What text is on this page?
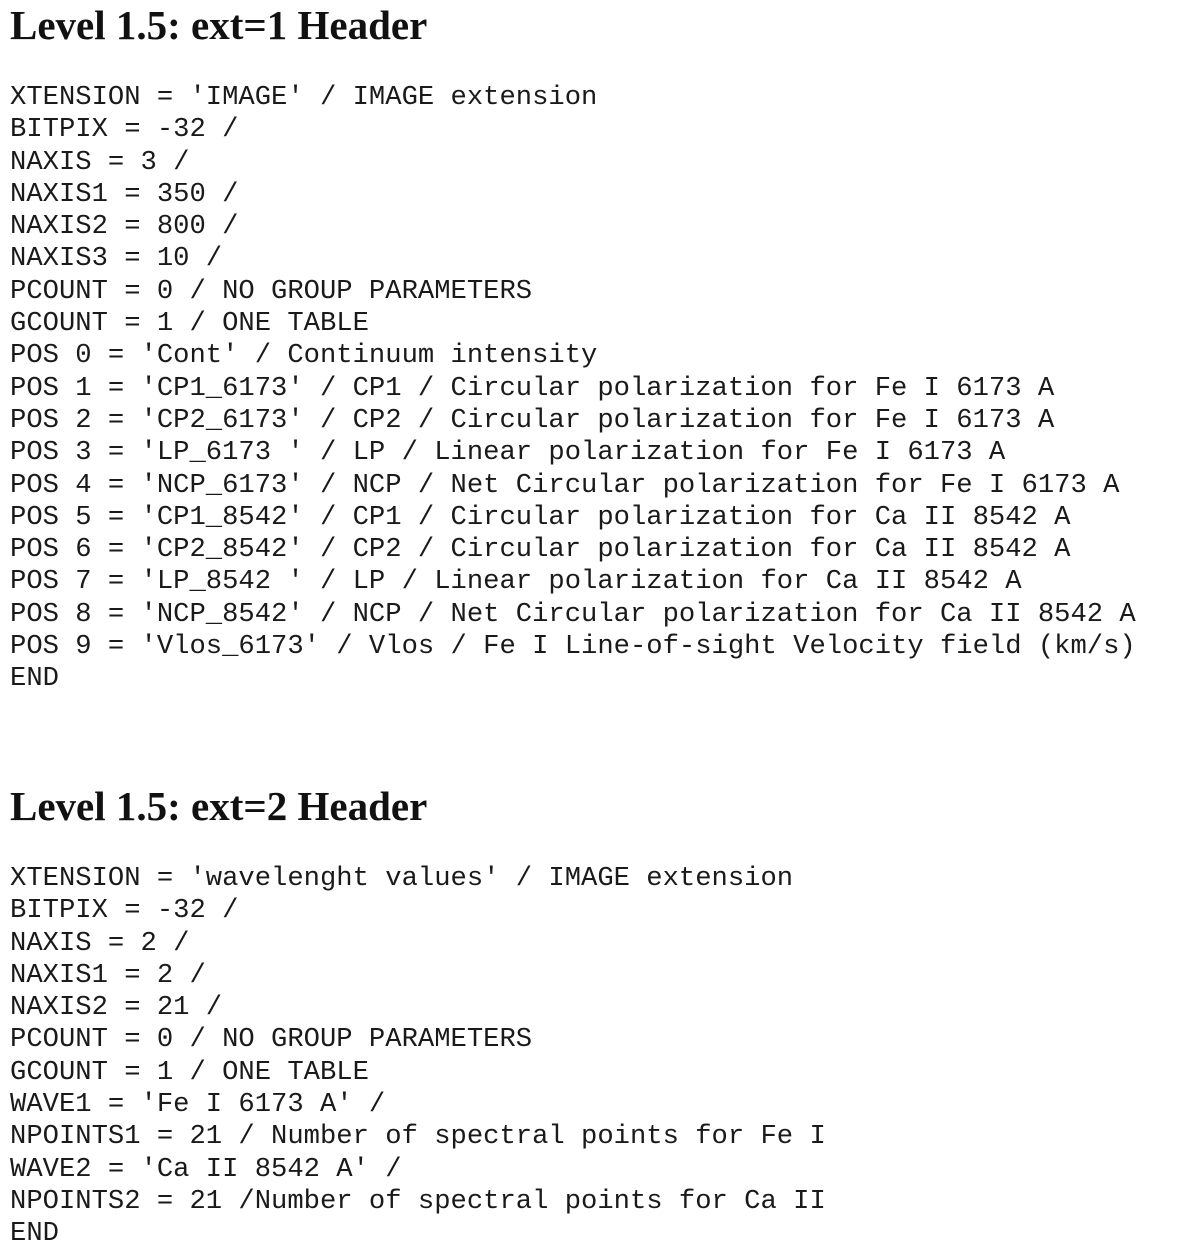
Level 1.5: ext=1 Header
XTENSION = 'IMAGE' / IMAGE extension
BITPIX = -32 /
NAXIS = 3 /
NAXIS1 = 350 /
NAXIS2 = 800 /
NAXIS3 = 10 /
PCOUNT = 0 / NO GROUP PARAMETERS
GCOUNT = 1 / ONE TABLE
POS 0 = 'Cont' / Continuum intensity
POS 1 = 'CP1_6173' / CP1 / Circular polarization for Fe I 6173 A
POS 2 = 'CP2_6173' / CP2 / Circular polarization for Fe I 6173 A
POS 3 = 'LP_6173 ' / LP / Linear polarization for Fe I 6173 A
POS 4 = 'NCP_6173' / NCP / Net Circular polarization for Fe I 6173 A
POS 5 = 'CP1_8542' / CP1 / Circular polarization for Ca II 8542 A
POS 6 = 'CP2_8542' / CP2 / Circular polarization for Ca II 8542 A
POS 7 = 'LP_8542 ' / LP / Linear polarization for Ca II 8542 A
POS 8 = 'NCP_8542' / NCP / Net Circular polarization for Ca II 8542 A
POS 9 = 'Vlos_6173' / Vlos / Fe I Line-of-sight Velocity field (km/s)
END
Level 1.5: ext=2 Header
XTENSION = 'wavelenght values' / IMAGE extension
BITPIX = -32 /
NAXIS = 2 /
NAXIS1 = 2 /
NAXIS2 = 21 /
PCOUNT = 0 / NO GROUP PARAMETERS
GCOUNT = 1 / ONE TABLE
WAVE1 = 'Fe I 6173 A' /
NPOINTS1 = 21 / Number of spectral points for Fe I
WAVE2 = 'Ca II 8542 A' /
NPOINTS2 = 21 /Number of spectral points for Ca II
END
